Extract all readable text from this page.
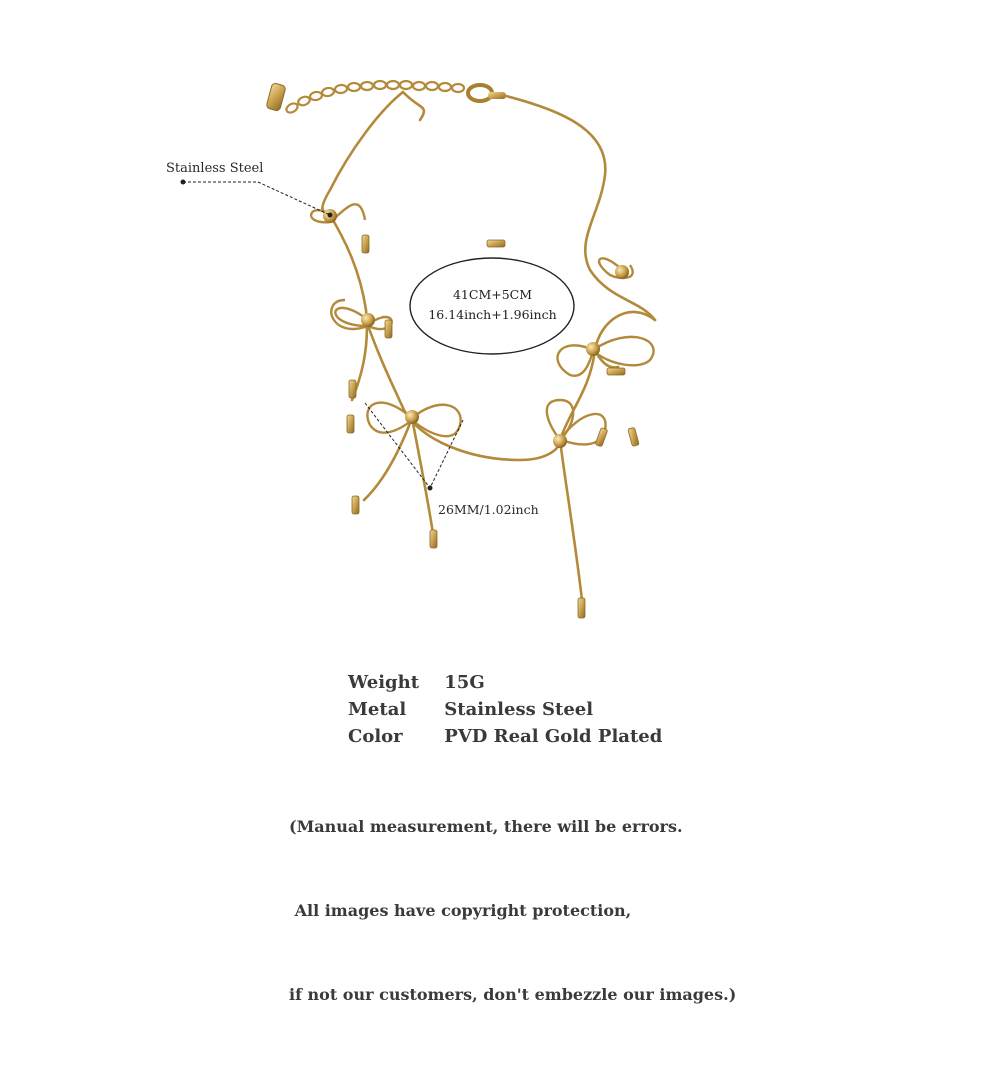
Stainless Steel
41CM+5CM
16.14inch+1.96inch
26MM/1.02inch
Weight 15G
Metal Stainless Steel
Color PVD Real Gold Plated

(Manual measurement, there will be errors.

All images have copyright protection,

if not our customers, don't embezzle our images.)
